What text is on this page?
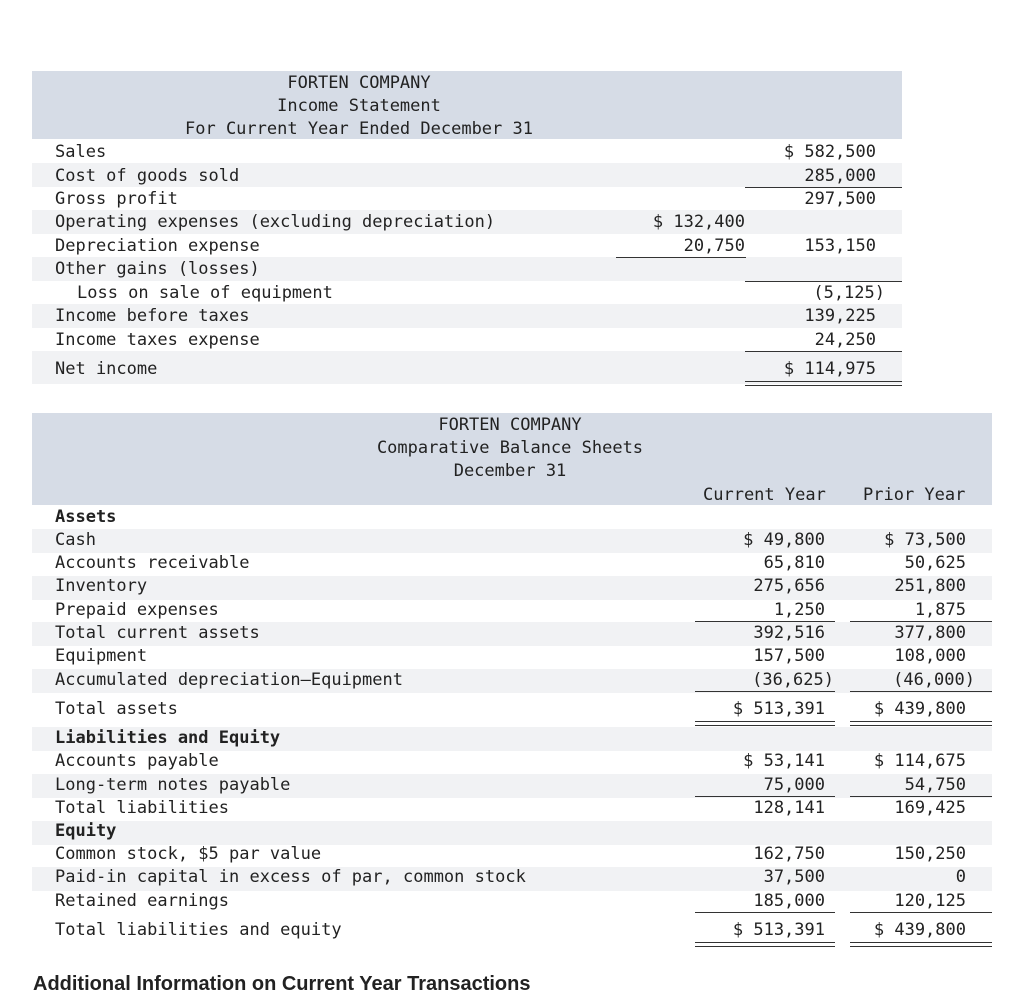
FORTEN COMPANY
Income Statement
For Current Year Ended December 31
Sales
Cost of goods sold
Gross profit
Operating expenses (excluding depreciation)
Depreciation expense
Other gains (losses)
Loss on sale of equipment
Income before taxes
Income taxes expense
Net income
$ 132,400
20,750
$ 582,500
285,000
297,500
153,150
(5,125)
139,225
24,250
$ 114,975
FORTEN COMPANY
Comparative Balance Sheets
December 31
Current Year Prior Year
Assets
Cash
Accounts receivable
Inventory
Prepaid expenses
Total current assets
Equipment
Accumulated depreciation—Equipment
Total assets
Liabilities and Equity
Accounts payable
Long-term notes payable
Total liabilities
Equity
Common stock, $5 par value
Paid-in capital in excess of par, common stock
Retained earnings
Total liabilities and equity
$ 49,800
65,810
275,656
1,250
392,516
157,500
(36,625)
$ 513,391
$ 53,141
75,000
128,141
162,750
37,500
185,000
$ 513,391
$ 73,500
50,625
251,800
1,875
377,800
108,000
(46,000)
$ 439,800
$ 114,675
54,750
169,425
150,250
0
120,125
$ 439,800
Additional Information on Current Year Transactions
